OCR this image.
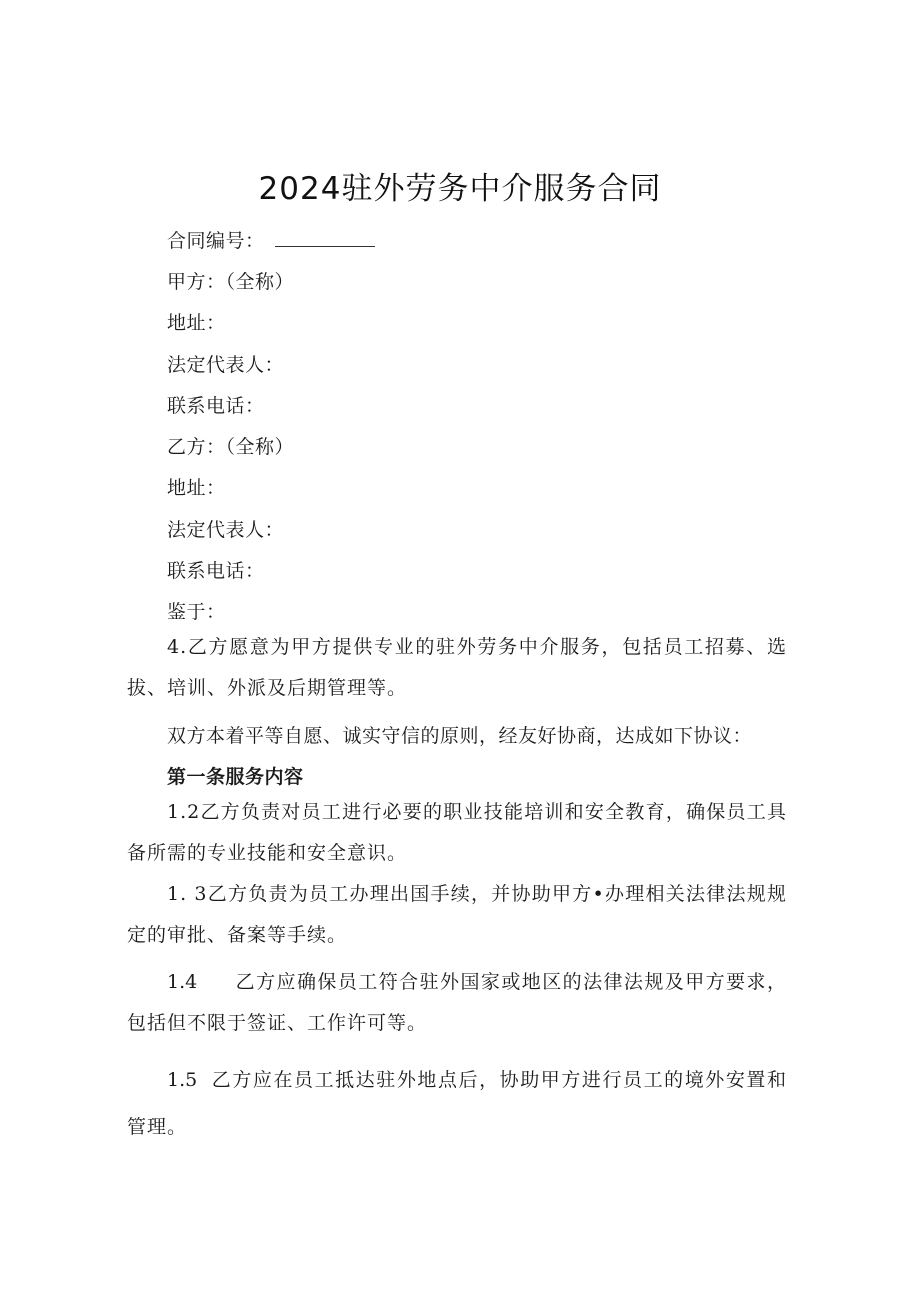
2024驻外劳务中介服务合同
合同编号：
甲方：（全称）
地址：
法定代表人：
联系电话：
乙方：（全称）
地址：
法定代表人：
联系电话：
鉴于：
4.乙方愿意为甲方提供专业的驻外劳务中介服务，包括员工招募、选拔、培训、外派及后期管理等。
双方本着平等自愿、诚实守信的原则，经友好协商，达成如下协议：
第一条服务内容
1.2乙方负责对员工进行必要的职业技能培训和安全教育，确保员工具备所需的专业技能和安全意识。
1. 3乙方负责为员工办理出国手续，并协助甲方•办理相关法律法规规定的审批、备案等手续。
1.4 乙方应确保员工符合驻外国家或地区的法律法规及甲方要求，包括但不限于签证、工作许可等。
1.5 乙方应在员工抵达驻外地点后，协助甲方进行员工的境外安置和管理。
